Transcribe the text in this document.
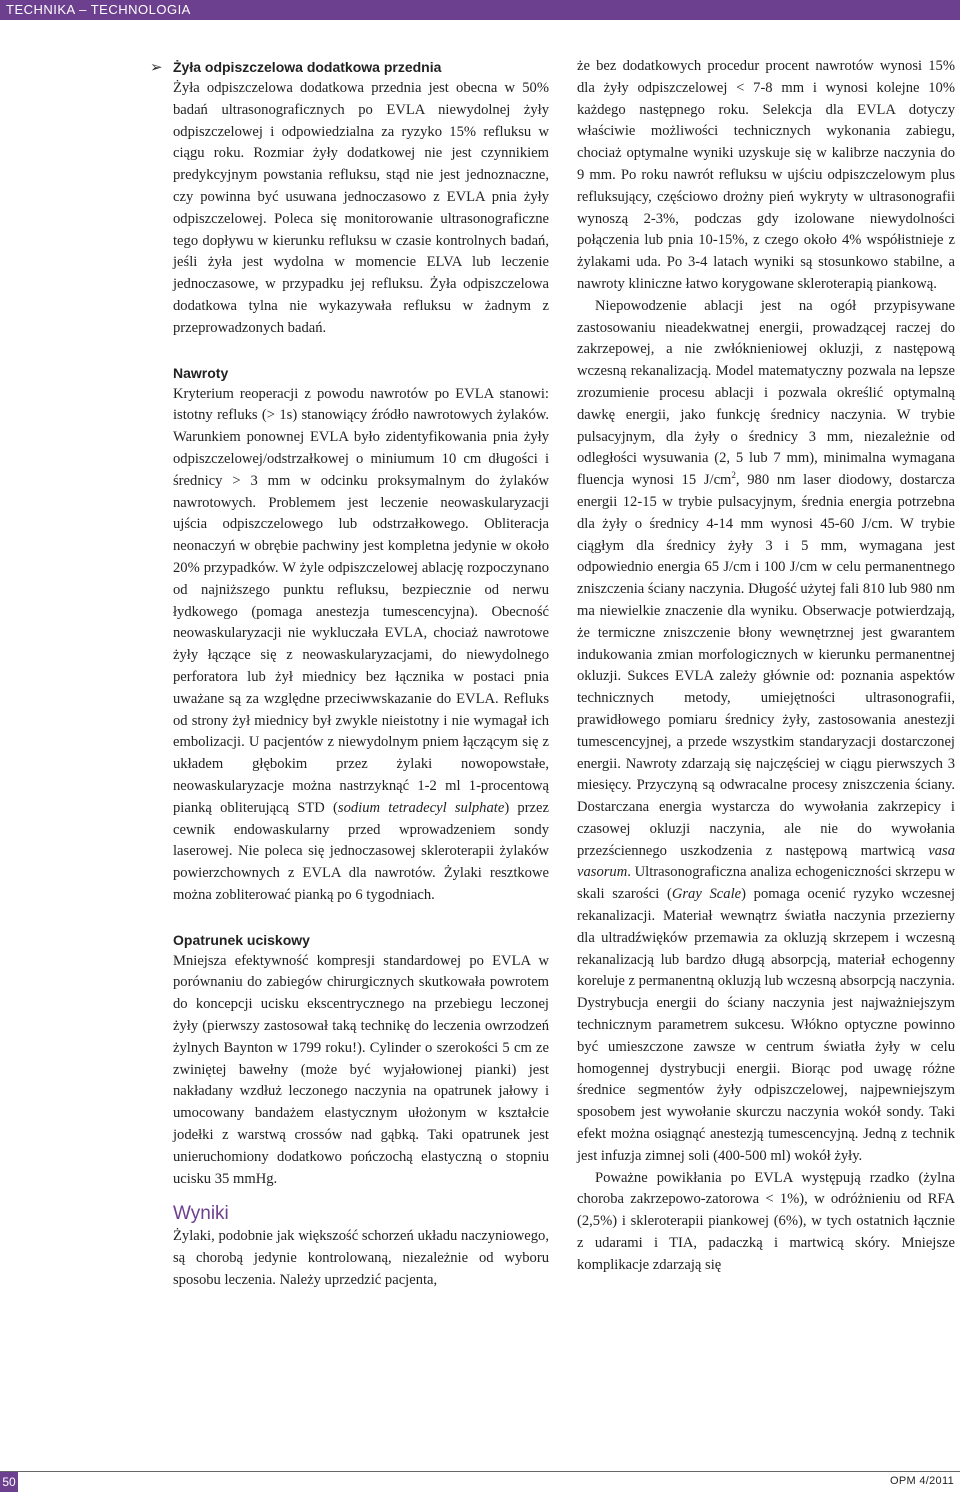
TECHNIKA – TECHNOLOGIA
➢ Żyła odpiszczelowa dodatkowa przednia

Żyła odpiszczelowa dodatkowa przednia jest obecna w 50% badań ultrasonograficznych po EVLA niewydolnej żyły odpiszczelowej i odpowiedzialna za ryzyko 15% refluksu w ciągu roku. Rozmiar żyły dodatkowej nie jest czynnikiem predykcyjnym powstania refluksu, stąd nie jest jednoznaczne, czy powinna być usuwana jednoczasowo z EVLA pnia żyły odpiszczelowej. Poleca się monitorowanie ultrasonograficzne tego dopływu w kierunku refluksu w czasie kontrolnych badań, jeśli żyła jest wydolna w momencie ELVA lub leczenie jednoczasowe, w przypadku jej refluksu. Żyła odpiszczelowa dodatkowa tylna nie wykazywała refluksu w żadnym z przeprowadzonych badań.

Nawroty

Kryterium reoperacji z powodu nawrotów po EVLA stanowi: istotny refluks (> 1s) stanowiący źródło nawrotowych żylaków. Warunkiem ponownej EVLA było zidentyfikowania pnia żyły odpiszczelowej/odstrzałkowej o miniumum 10 cm długości i średnicy > 3 mm w odcinku proksymalnym do żylaków nawrotowych. Problemem jest leczenie neowaskularyzacji ujścia odpiszczelowego lub odstrzałkowego. Obliteracja neonaczyń w obrębie pachwiny jest kompletna jedynie w około 20% przypadków. W żyle odpiszczelowej ablację rozpoczynano od najniższego punktu refluksu, bezpiecznie od nerwu łydkowego (pomaga anestezja tumescencyjna). Obecność neowaskularyzacji nie wykluczała EVLA, chociaż nawrotowe żyły łączące się z neowaskularyzacjami, do niewydolnego perforatora lub żył miednicy bez łącznika w postaci pnia uważane są za względne przeciwwskazanie do EVLA. Refluks od strony żył miednicy był zwykle nieistotny i nie wymagał ich embolizacji. U pacjentów z niewydolnym pniem łączącym się z układem głębokim przez żylaki nowopowstałe, neowaskularyzacje można nastrzyknąć 1-2 ml 1-procentową pianką obliterującą STD (sodium tetradecyl sulphate) przez cewnik endowaskularny przed wprowadzeniem sondy laserowej. Nie poleca się jednoczasowej skleroterapii żylaków powierzchownych z EVLA dla nawrotów. Żylaki resztkowe można zobliterować pianką po 6 tygodniach.

Opatrunek uciskowy

Mniejsza efektywność kompresji standardowej po EVLA w porównaniu do zabiegów chirurgicznych skutkowała powrotem do koncepcji ucisku ekscentrycznego na przebiegu leczonej żyły (pierwszy zastosował taką technikę do leczenia owrzodzeń żylnych Baynton w 1799 roku!). Cylinder o szerokości 5 cm ze zwiniętej bawełny (może być wyjałowionej pianki) jest nakładany wzdłuż leczonego naczynia na opatrunek jałowy i umocowany bandażem elastycznym ułożonym w kształcie jodełki z warstwą crossów nad gąbką. Taki opatrunek jest unieruchomiony dodatkowo pończochą elastyczną o stopniu ucisku 35 mmHg.

Wyniki

Żylaki, podobnie jak większość schorzeń układu naczyniowego, są chorobą jedynie kontrolowaną, niezależnie od wyboru sposobu leczenia. Należy uprzedzić pacjenta,

że bez dodatkowych procedur procent nawrotów wynosi 15% dla żyły odpiszczelowej < 7-8 mm i wynosi kolejne 10% każdego następnego roku. Selekcja dla EVLA dotyczy właściwie możliwości technicznych wykonania zabiegu, chociaż optymalne wyniki uzyskuje się w kalibrze naczynia do 9 mm. Po roku nawrót refluksu w ujściu odpiszczelowym plus refluksujący, częściowo drożny pień wykryty w ultrasonografii wynoszą 2-3%, podczas gdy izolowane niewydolności połączenia lub pnia 10-15%, z czego około 4% współistnieje z żylakami uda. Po 3-4 latach wyniki są stosunkowo stabilne, a nawroty kliniczne łatwo korygowane skleroterapią piankową.

Niepowodzenie ablacji jest na ogół przypisywane zastosowaniu nieadekwatnej energii, prowadzącej raczej do zakrzepowej, a nie zwłóknieniowej okluzji, z następową wczesną rekanalizacją. Model matematyczny pozwala na lepsze zrozumienie procesu ablacji i pozwala określić optymalną dawkę energii, jako funkcję średnicy naczynia. W trybie pulsacyjnym, dla żyły o średnicy 3 mm, niezależnie od odległości wysuwania (2, 5 lub 7 mm), minimalna wymagana fluencja wynosi 15 $J/cm^2$, 980 nm laser diodowy, dostarcza energii 12-15 w trybie pulsacyjnym, średnia energia potrzebna dla żyły o średnicy 4-14 mm wynosi 45-60 J/cm. W trybie ciągłym dla średnicy żyły 3 i 5 mm, wymagana jest odpowiednio energia 65 J/cm i 100 J/cm w celu permanentnego zniszczenia ściany naczynia. Długość użytej fali 810 lub 980 nm ma niewielkie znaczenie dla wyniku. Obserwacje potwierdzają, że termiczne zniszczenie błony wewnętrznej jest gwarantem indukowania zmian morfologicznych w kierunku permanentnej okluzji. Sukces EVLA zależy głównie od: poznania aspektów technicznych metody, umiejętności ultrasonografii, prawidłowego pomiaru średnicy żyły, zastosowania anestezji tumescencyjnej, a przede wszystkim standaryzacji dostarczonej energii. Nawroty zdarzają się najczęściej w ciągu pierwszych 3 miesięcy. Przyczyną są odwracalne procesy zniszczenia ściany. Dostarczana energia wystarcza do wywołania zakrzepicy i czasowej okluzji naczynia, ale nie do wywołania przezściennego uszkodzenia z następową martwicą vasa vasorum. Ultrasonograficzna analiza echogeniczności skrzepu w skali szarości (Gray Scale) pomaga ocenić ryzyko wczesnej rekanalizacji. Materiał wewnątrz światła naczynia przezierny dla ultradźwięków przemawia za okluzją skrzepem i wczesną rekanalizacją lub bardzo długą absorpcją, materiał echogenny koreluje z permanentną okluzją lub wczesną absorpcją naczynia. Dystrybucja energii do ściany naczynia jest najważniejszym technicznym parametrem sukcesu. Włókno optyczne powinno być umieszczone zawsze w centrum światła żyły w celu homogennej dystrybucji energii. Biorąc pod uwagę różne średnice segmentów żyły odpiszczelowej, najpewniejszym sposobem jest wywołanie skurczu naczynia wokół sondy. Taki efekt można osiągnąć anestezją tumescencyjną. Jedną z technik jest infuzja zimnej soli (400-500 ml) wokół żyły.

Poważne powikłania po EVLA występują rzadko (żylna choroba zakrzepowo-zatorowa < 1%), w odróżnieniu od RFA (2,5%) i skleroterapii piankowej (6%), w tych ostatnich łącznie z udarami i TIA, padaczką i martwicą skóry. Mniejsze komplikacje zdarzają się

50	OPM 4/2011
